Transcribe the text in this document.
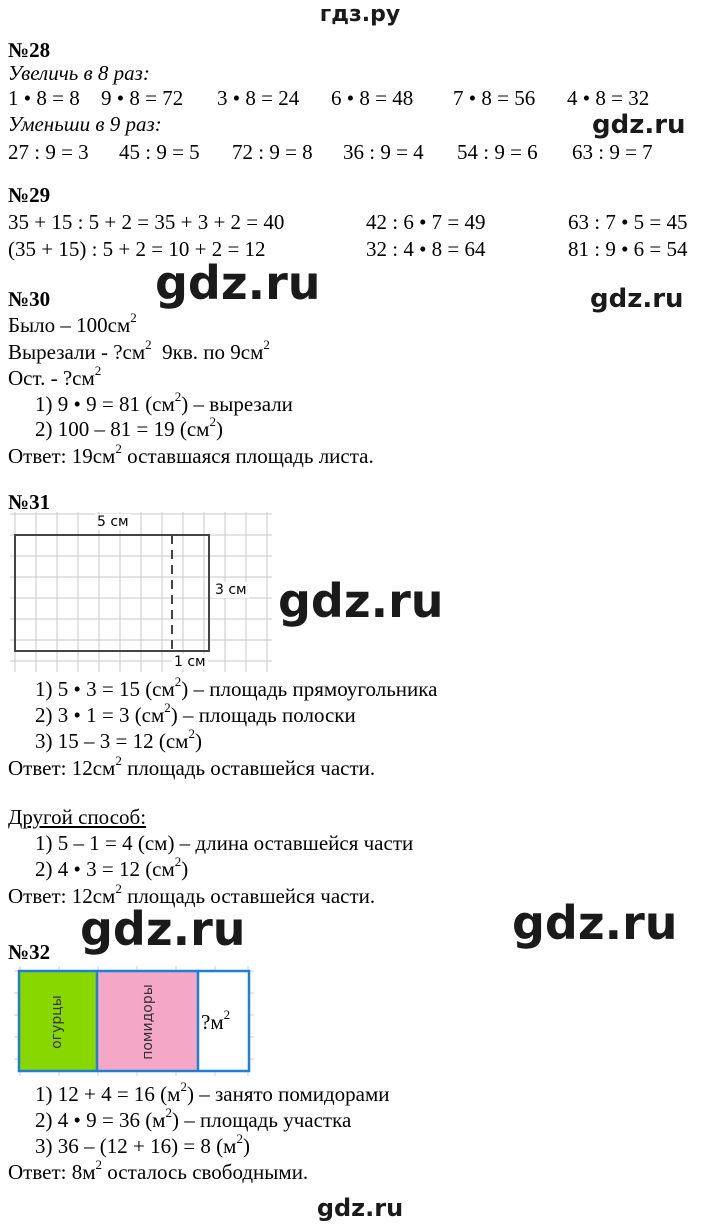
гдз.ру
№28
Увеличь в 8 раз:
1 • 8 = 8 9 • 8 = 72 3 • 8 = 24 6 • 8 = 48 7 • 8 = 56 4 • 8 = 32
Уменьши в 9 раз:
27 : 9 = 3 45 : 9 = 5 72 : 9 = 8 36 : 9 = 4 54 : 9 = 6 63 : 9 = 7
gdz.ru
№29
35 + 15 : 5 + 2 = 35 + 3 + 2 = 40	42 : 6 • 7 = 49	63 : 7 • 5 = 45
(35 + 15) : 5 + 2 = 10 + 2 = 12	32 : 4 • 8 = 64	81 : 9 • 6 = 54
gdz.ru
№30	gdz.ru
Было – $100см^2$
Вырезали - $?см^2$  9кв. по $9см^2$
Ост. - $?см^2$
1) 9 • 9 = 81 $(см^2)$ – вырезали
2) 100 – 81 = 19 $(см^2)$
Ответ: $19см^2$ оставшаяся площадь листа.
№31
5 см
3 см
1 см
gdz.ru
1) 5 • 3 = 15 $(см^2)$ – площадь прямоугольника
2) 3 • 1 = 3 $(см^2)$ – площадь полоски
3) 15 – 3 = 12 $(см^2)$
Ответ: $12см^2$ площадь оставшейся части.
Другой способ:
1) 5 – 1 = 4 (см) – длина оставшейся части
2) 4 • 3 = 12 $(см^2)$
Ответ: $12см^2$ площадь оставшейся части.
gdz.ru	gdz.ru
№32
огурцы	помидоры $?м^2$
1) 12 + 4 = 16 $(м^2)$ – занято помидорами
2) 4 • 9 = 36 $(м^2)$ – площадь участка
3) 36 – (12 + 16) = 8 $(м^2)$
Ответ: $8м^2$ осталось свободными.
gdz.ru
